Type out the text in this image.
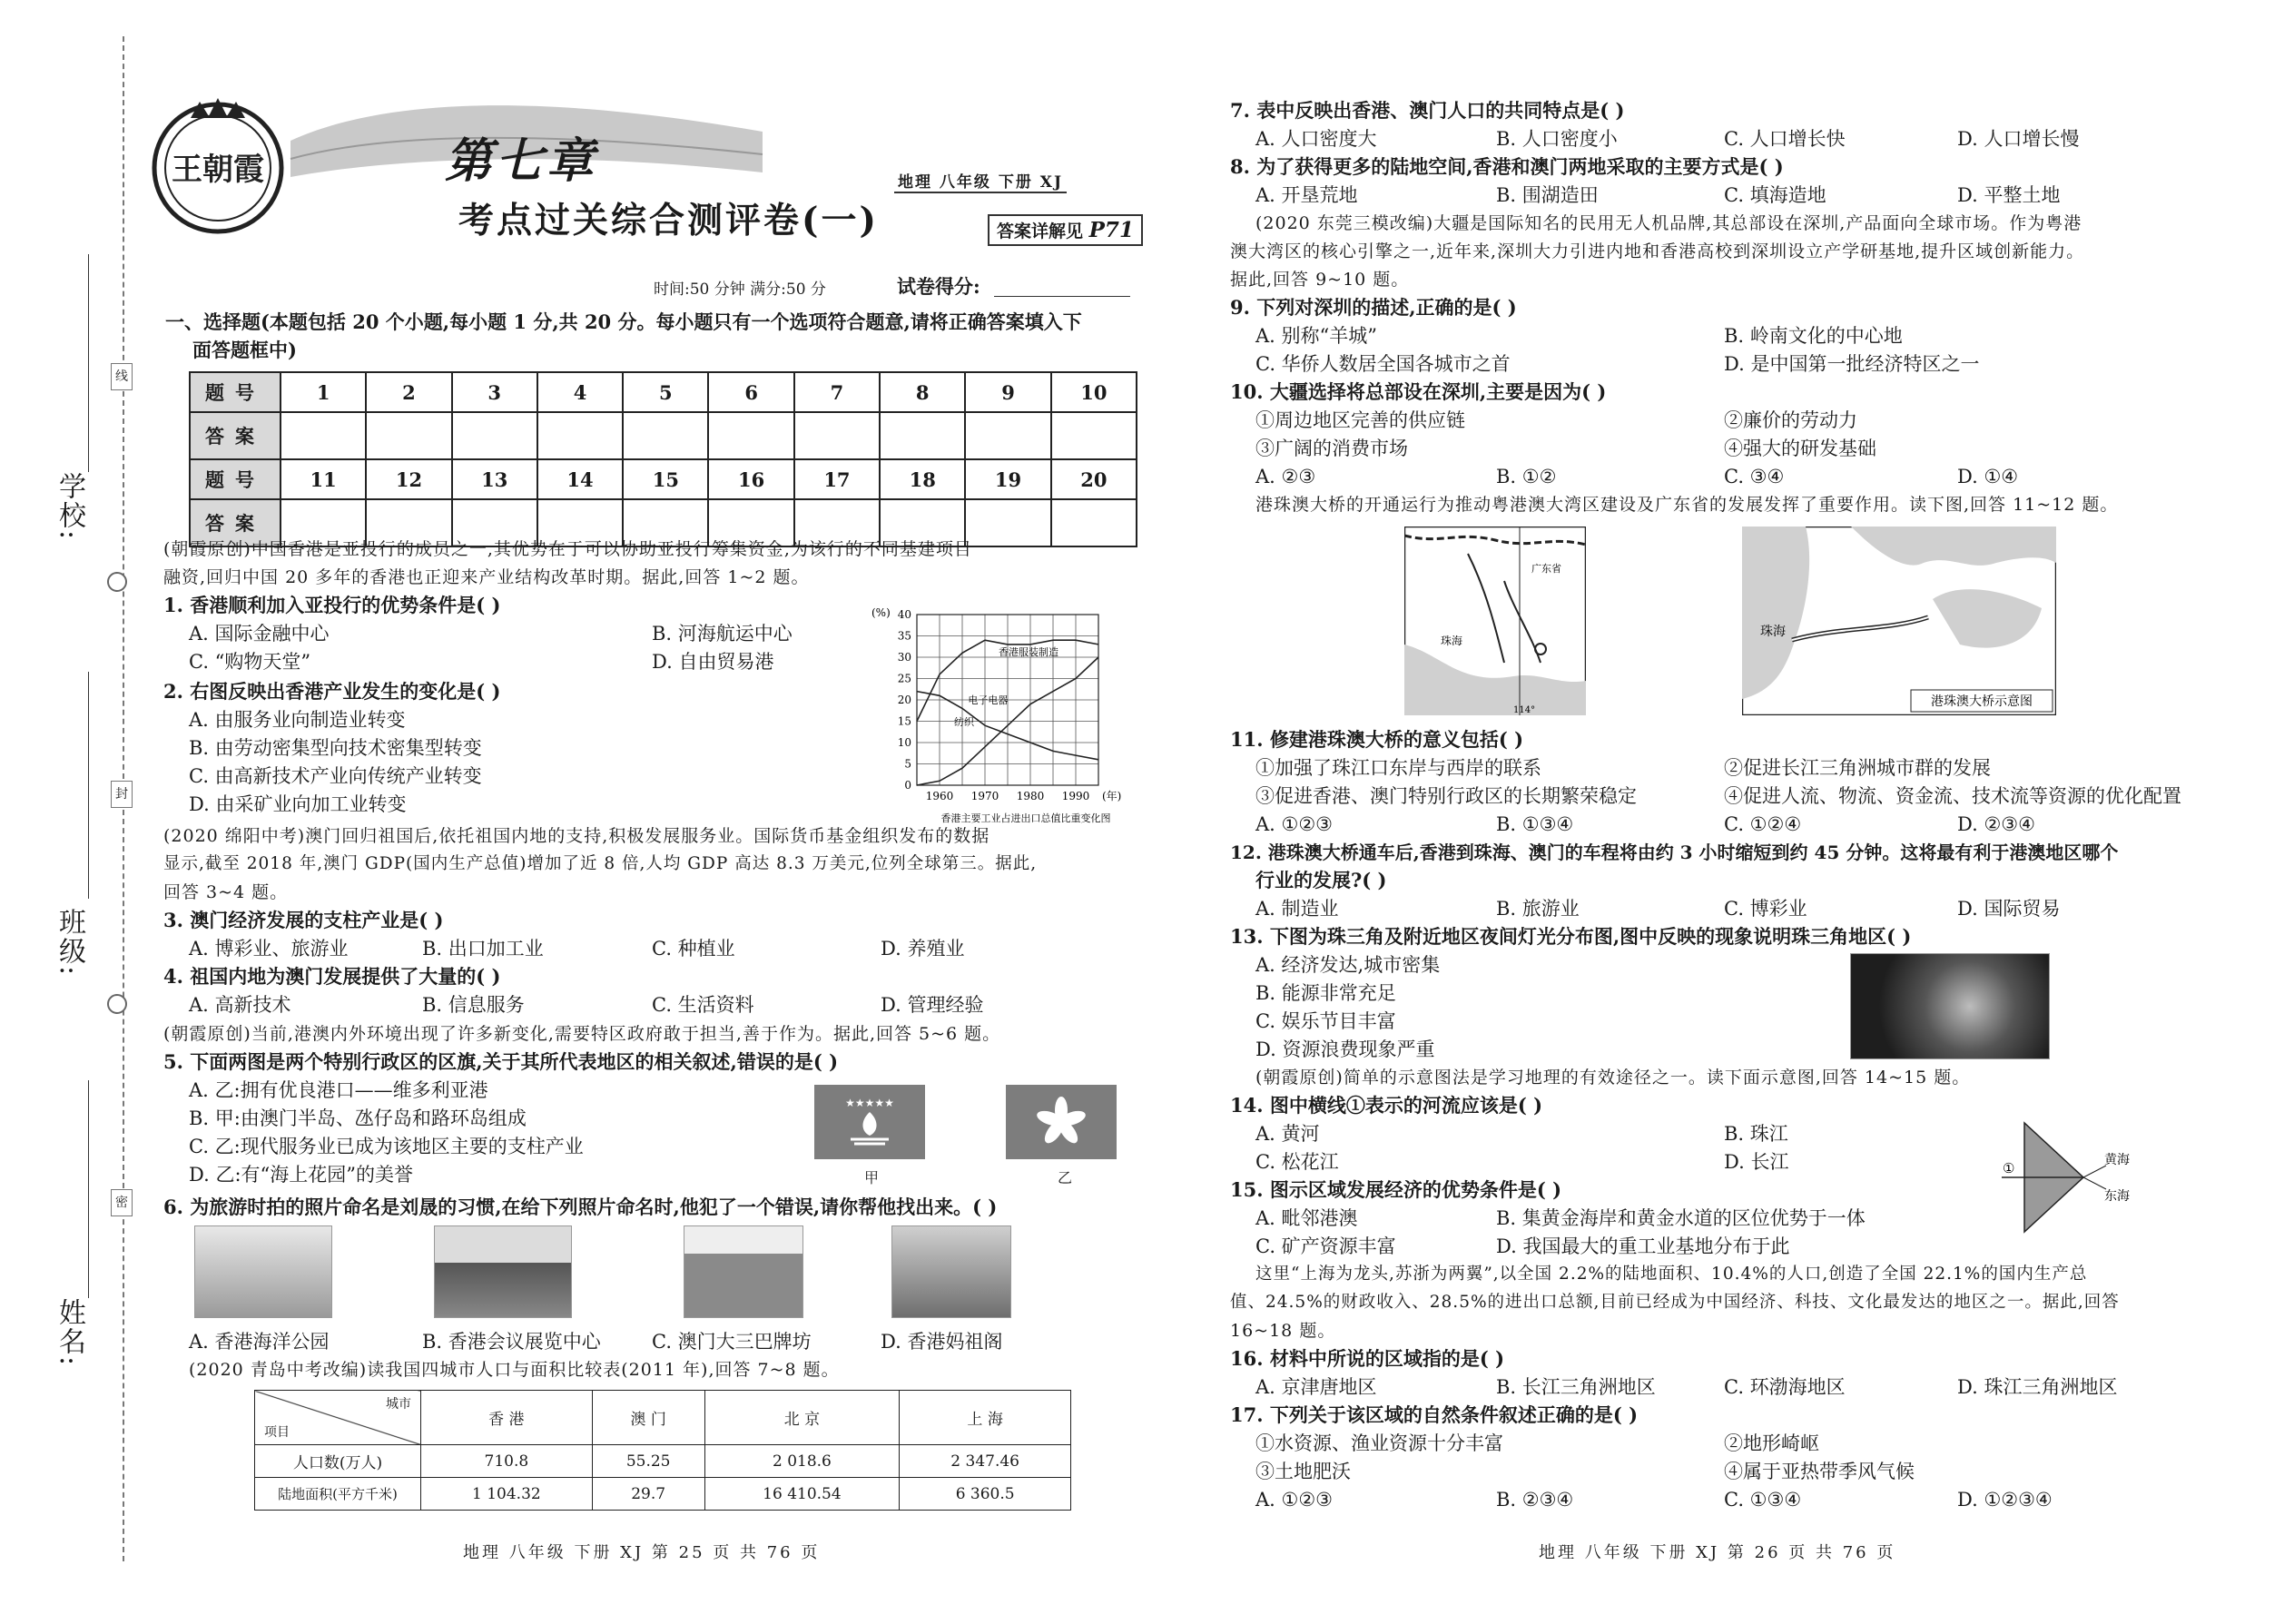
学校:
班级:
姓名:
线
封
密
王朝霞	第七章
考点过关综合测评卷(一)
地理 八年级 下册 XJ
答案详解见 P71
时间:50 分钟 满分:50 分	试卷得分:
一、选择题(本题包括 20 个小题,每小题 1 分,共 20 分。每小题只有一个选项符合题意,请将正确答案填入下
面答题框中)
题号	1	2	3	4	5	6	7	8	9	10
答案										
题号	11	12	13	14	15	16	17	18	19	20
答案										
(朝霞原创)中国香港是亚投行的成员之一,其优势在于可以协助亚投行筹集资金,为该行的不同基建项目
融资,回归中国 20 多年的香港也正迎来产业结构改革时期。据此,回答 1~2 题。
1. 香港顺利加入亚投行的优势条件是( )
A. 国际金融中心	B. 河海航运中心
C. “购物天堂”	D. 自由贸易港
2. 右图反映出香港产业发生的变化是( )
A. 由服务业向制造业转变
B. 由劳动密集型向技术密集型转变
C. 由高新技术产业向传统产业转变
D. 由采矿业向加工业转变
0
5
10
15
20
25
30
35
40
1960 1970 1980 1990
(%)
(年)
香港服装制造
电子电器
纺织
香港主要工业占进出口总值比重变化图
(2020 绵阳中考)澳门回归祖国后,依托祖国内地的支持,积极发展服务业。国际货币基金组织发布的数据
显示,截至 2018 年,澳门 GDP(国内生产总值)增加了近 8 倍,人均 GDP 高达 8.3 万美元,位列全球第三。据此,
回答 3~4 题。
3. 澳门经济发展的支柱产业是( )
A. 博彩业、旅游业	B. 出口加工业	C. 种植业	D. 养殖业
4. 祖国内地为澳门发展提供了大量的( )
A. 高新技术	B. 信息服务	C. 生活资料	D. 管理经验
(朝霞原创)当前,港澳内外环境出现了许多新变化,需要特区政府敢于担当,善于作为。据此,回答 5~6 题。
5. 下面两图是两个特别行政区的区旗,关于其所代表地区的相关叙述,错误的是( )
A. 乙:拥有优良港口——维多利亚港
B. 甲:由澳门半岛、氹仔岛和路环岛组成
C. 乙:现代服务业已成为该地区主要的支柱产业
D. 乙:有“海上花园”的美誉
★★★★★
甲	乙
6. 为旅游时拍的照片命名是刘晟的习惯,在给下列照片命名时,他犯了一个错误,请你帮他找出来。( )
A. 香港海洋公园	B. 香港会议展览中心	C. 澳门大三巴牌坊	D. 香港妈祖阁
(2020 青岛中考改编)读我国四城市人口与面积比较表(2011 年),回答 7~8 题。
城市
项目	香 港	澳 门	北 京	上 海
人口数(万人)	710.8	55.25	2 018.6	2 347.46
陆地面积(平方千米)	1 104.32	29.7	16 410.54	6 360.5
地理 八年级 下册 XJ 第 25 页 共 76 页
7. 表中反映出香港、澳门人口的共同特点是( )
A. 人口密度大	B. 人口密度小	C. 人口增长快	D. 人口增长慢
8. 为了获得更多的陆地空间,香港和澳门两地采取的主要方式是( )
A. 开垦荒地	B. 围湖造田	C. 填海造地	D. 平整土地
(2020 东莞三模改编)大疆是国际知名的民用无人机品牌,其总部设在深圳,产品面向全球市场。作为粤港
澳大湾区的核心引擎之一,近年来,深圳大力引进内地和香港高校到深圳设立产学研基地,提升区域创新能力。
据此,回答 9~10 题。
9. 下列对深圳的描述,正确的是( )
A. 别称“羊城”	B. 岭南文化的中心地
C. 华侨人数居全国各城市之首	D. 是中国第一批经济特区之一
10. 大疆选择将总部设在深圳,主要是因为( )
①周边地区完善的供应链	②廉价的劳动力
③广阔的消费市场	④强大的研发基础
A. ②③	B. ①②	C. ③④	D. ①④
港珠澳大桥的开通运行为推动粤港澳大湾区建设及广东省的发展发挥了重要作用。读下图,回答 11~12 题。
广东省
珠海
114°
珠海
港珠澳大桥示意图
11. 修建港珠澳大桥的意义包括( )
①加强了珠江口东岸与西岸的联系	②促进长江三角洲城市群的发展
③促进香港、澳门特别行政区的长期繁荣稳定	④促进人流、物流、资金流、技术流等资源的优化配置
A. ①②③	B. ①③④	C. ①②④	D. ②③④
12. 港珠澳大桥通车后,香港到珠海、澳门的车程将由约 3 小时缩短到约 45 分钟。这将最有利于港澳地区哪个
行业的发展?( )
A. 制造业	B. 旅游业	C. 博彩业	D. 国际贸易
13. 下图为珠三角及附近地区夜间灯光分布图,图中反映的现象说明珠三角地区( )
A. 经济发达,城市密集
B. 能源非常充足
C. 娱乐节目丰富
D. 资源浪费现象严重
(朝霞原创)简单的示意图法是学习地理的有效途径之一。读下面示意图,回答 14~15 题。
14. 图中横线①表示的河流应该是( )
A. 黄河	B. 珠江
C. 松花江	D. 长江	①	黄海
东海
15. 图示区域发展经济的优势条件是( )
A. 毗邻港澳	B. 集黄金海岸和黄金水道的区位优势于一体
C. 矿产资源丰富	D. 我国最大的重工业基地分布于此
这里“上海为龙头,苏浙为两翼”,以全国 2.2%的陆地面积、10.4%的人口,创造了全国 22.1%的国内生产总
值、24.5%的财政收入、28.5%的进出口总额,目前已经成为中国经济、科技、文化最发达的地区之一。据此,回答
16~18 题。
16. 材料中所说的区域指的是( )
A. 京津唐地区	B. 长江三角洲地区	C. 环渤海地区	D. 珠江三角洲地区
17. 下列关于该区域的自然条件叙述正确的是( )
①水资源、渔业资源十分丰富	②地形崎岖
③土地肥沃	④属于亚热带季风气候
A. ①②③	B. ②③④	C. ①③④	D. ①②③④
地理 八年级 下册 XJ 第 26 页 共 76 页
